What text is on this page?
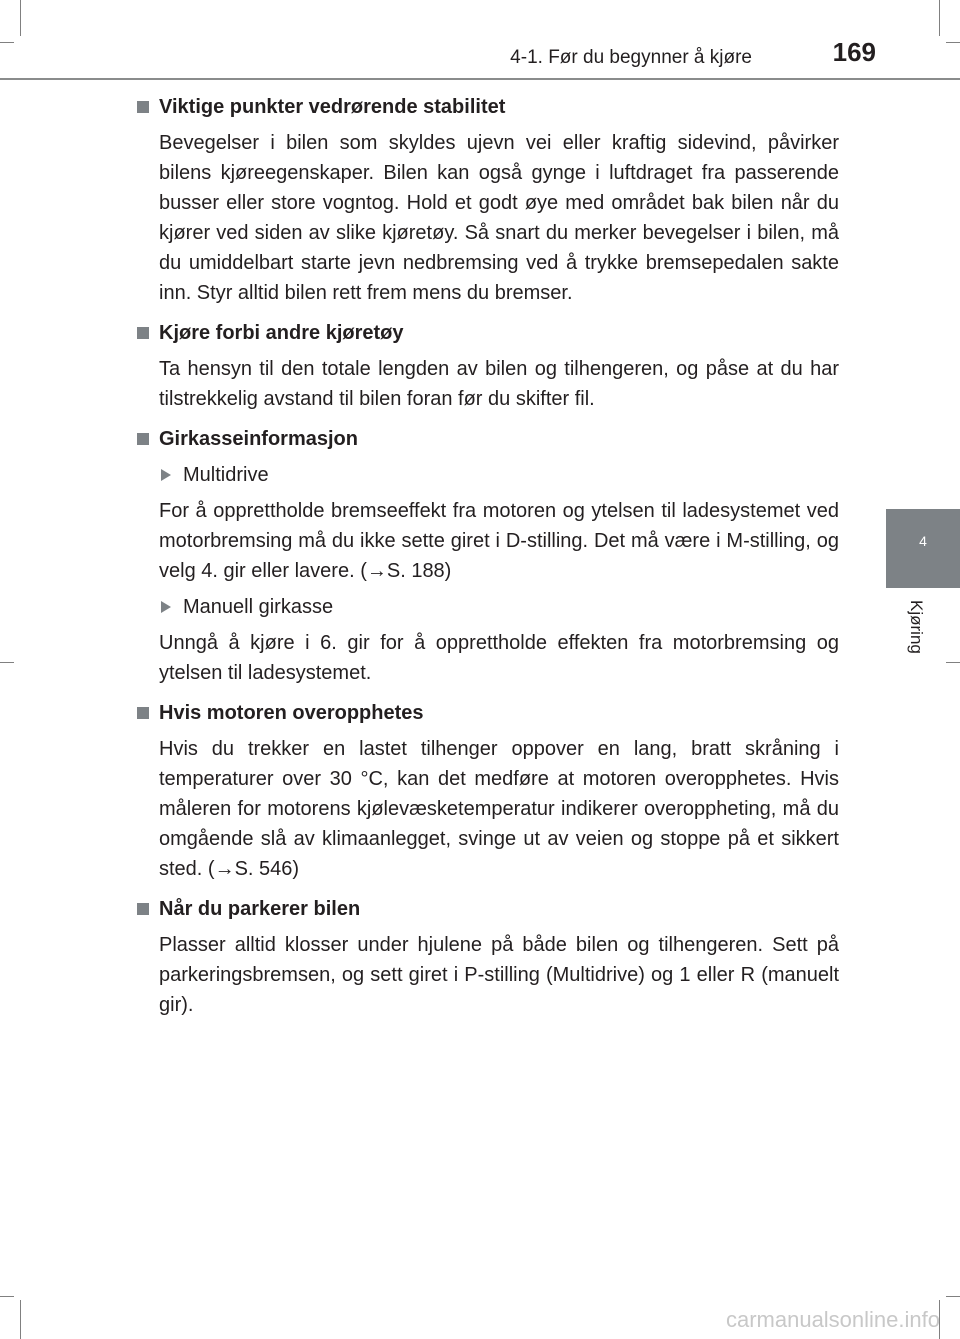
4-1. Før du begynner å kjøre	169
4
Kjøring
Viktige punkter vedrørende stabilitet

Bevegelser i bilen som skyldes ujevn vei eller kraftig sidevind, påvirker bilens kjøreegenskaper. Bilen kan også gynge i luftdraget fra passerende busser eller store vogntog. Hold et godt øye med området bak bilen når du kjører ved siden av slike kjøretøy. Så snart du merker bevegelser i bilen, må du umiddelbart starte jevn nedbremsing ved å trykke bremsepedalen sakte inn. Styr alltid bilen rett frem mens du bremser.

Kjøre forbi andre kjøretøy

Ta hensyn til den totale lengden av bilen og tilhengeren, og påse at du har tilstrekkelig avstand til bilen foran før du skifter fil.

Girkasseinformasjon
Multidrive

For å opprettholde bremseeffekt fra motoren og ytelsen til ladesystemet ved motorbremsing må du ikke sette giret i D-stilling. Det må være i M-stilling, og velg 4. gir eller lavere. (→S. 188)

Manuell girkasse

Unngå å kjøre i 6. gir for å opprettholde effekten fra motorbremsing og ytelsen til ladesystemet.

Hvis motoren overopphetes

Hvis du trekker en lastet tilhenger oppover en lang, bratt skråning i temperaturer over 30 °C, kan det medføre at motoren overopphetes. Hvis måleren for motorens kjølevæsketemperatur indikerer overoppheting, må du omgående slå av klimaanlegget, svinge ut av veien og stoppe på et sikkert sted. (→S. 546)

Når du parkerer bilen

Plasser alltid klosser under hjulene på både bilen og tilhengeren. Sett på parkeringsbremsen, og sett giret i P-stilling (Multidrive) og 1 eller R (manuelt gir).

carmanualsonline.info
